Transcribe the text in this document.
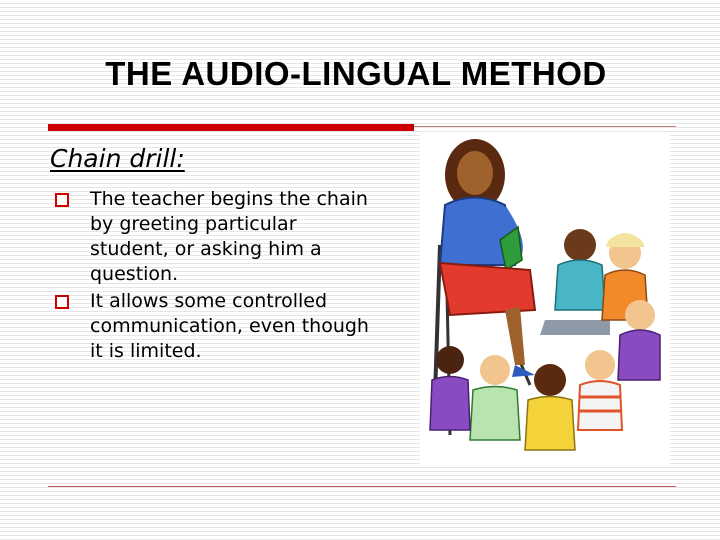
THE AUDIO-LINGUAL METHOD
Chain drill:
The teacher begins the chain by greeting particular student, or asking him a question.
It allows some controlled communication, even though it is limited.
